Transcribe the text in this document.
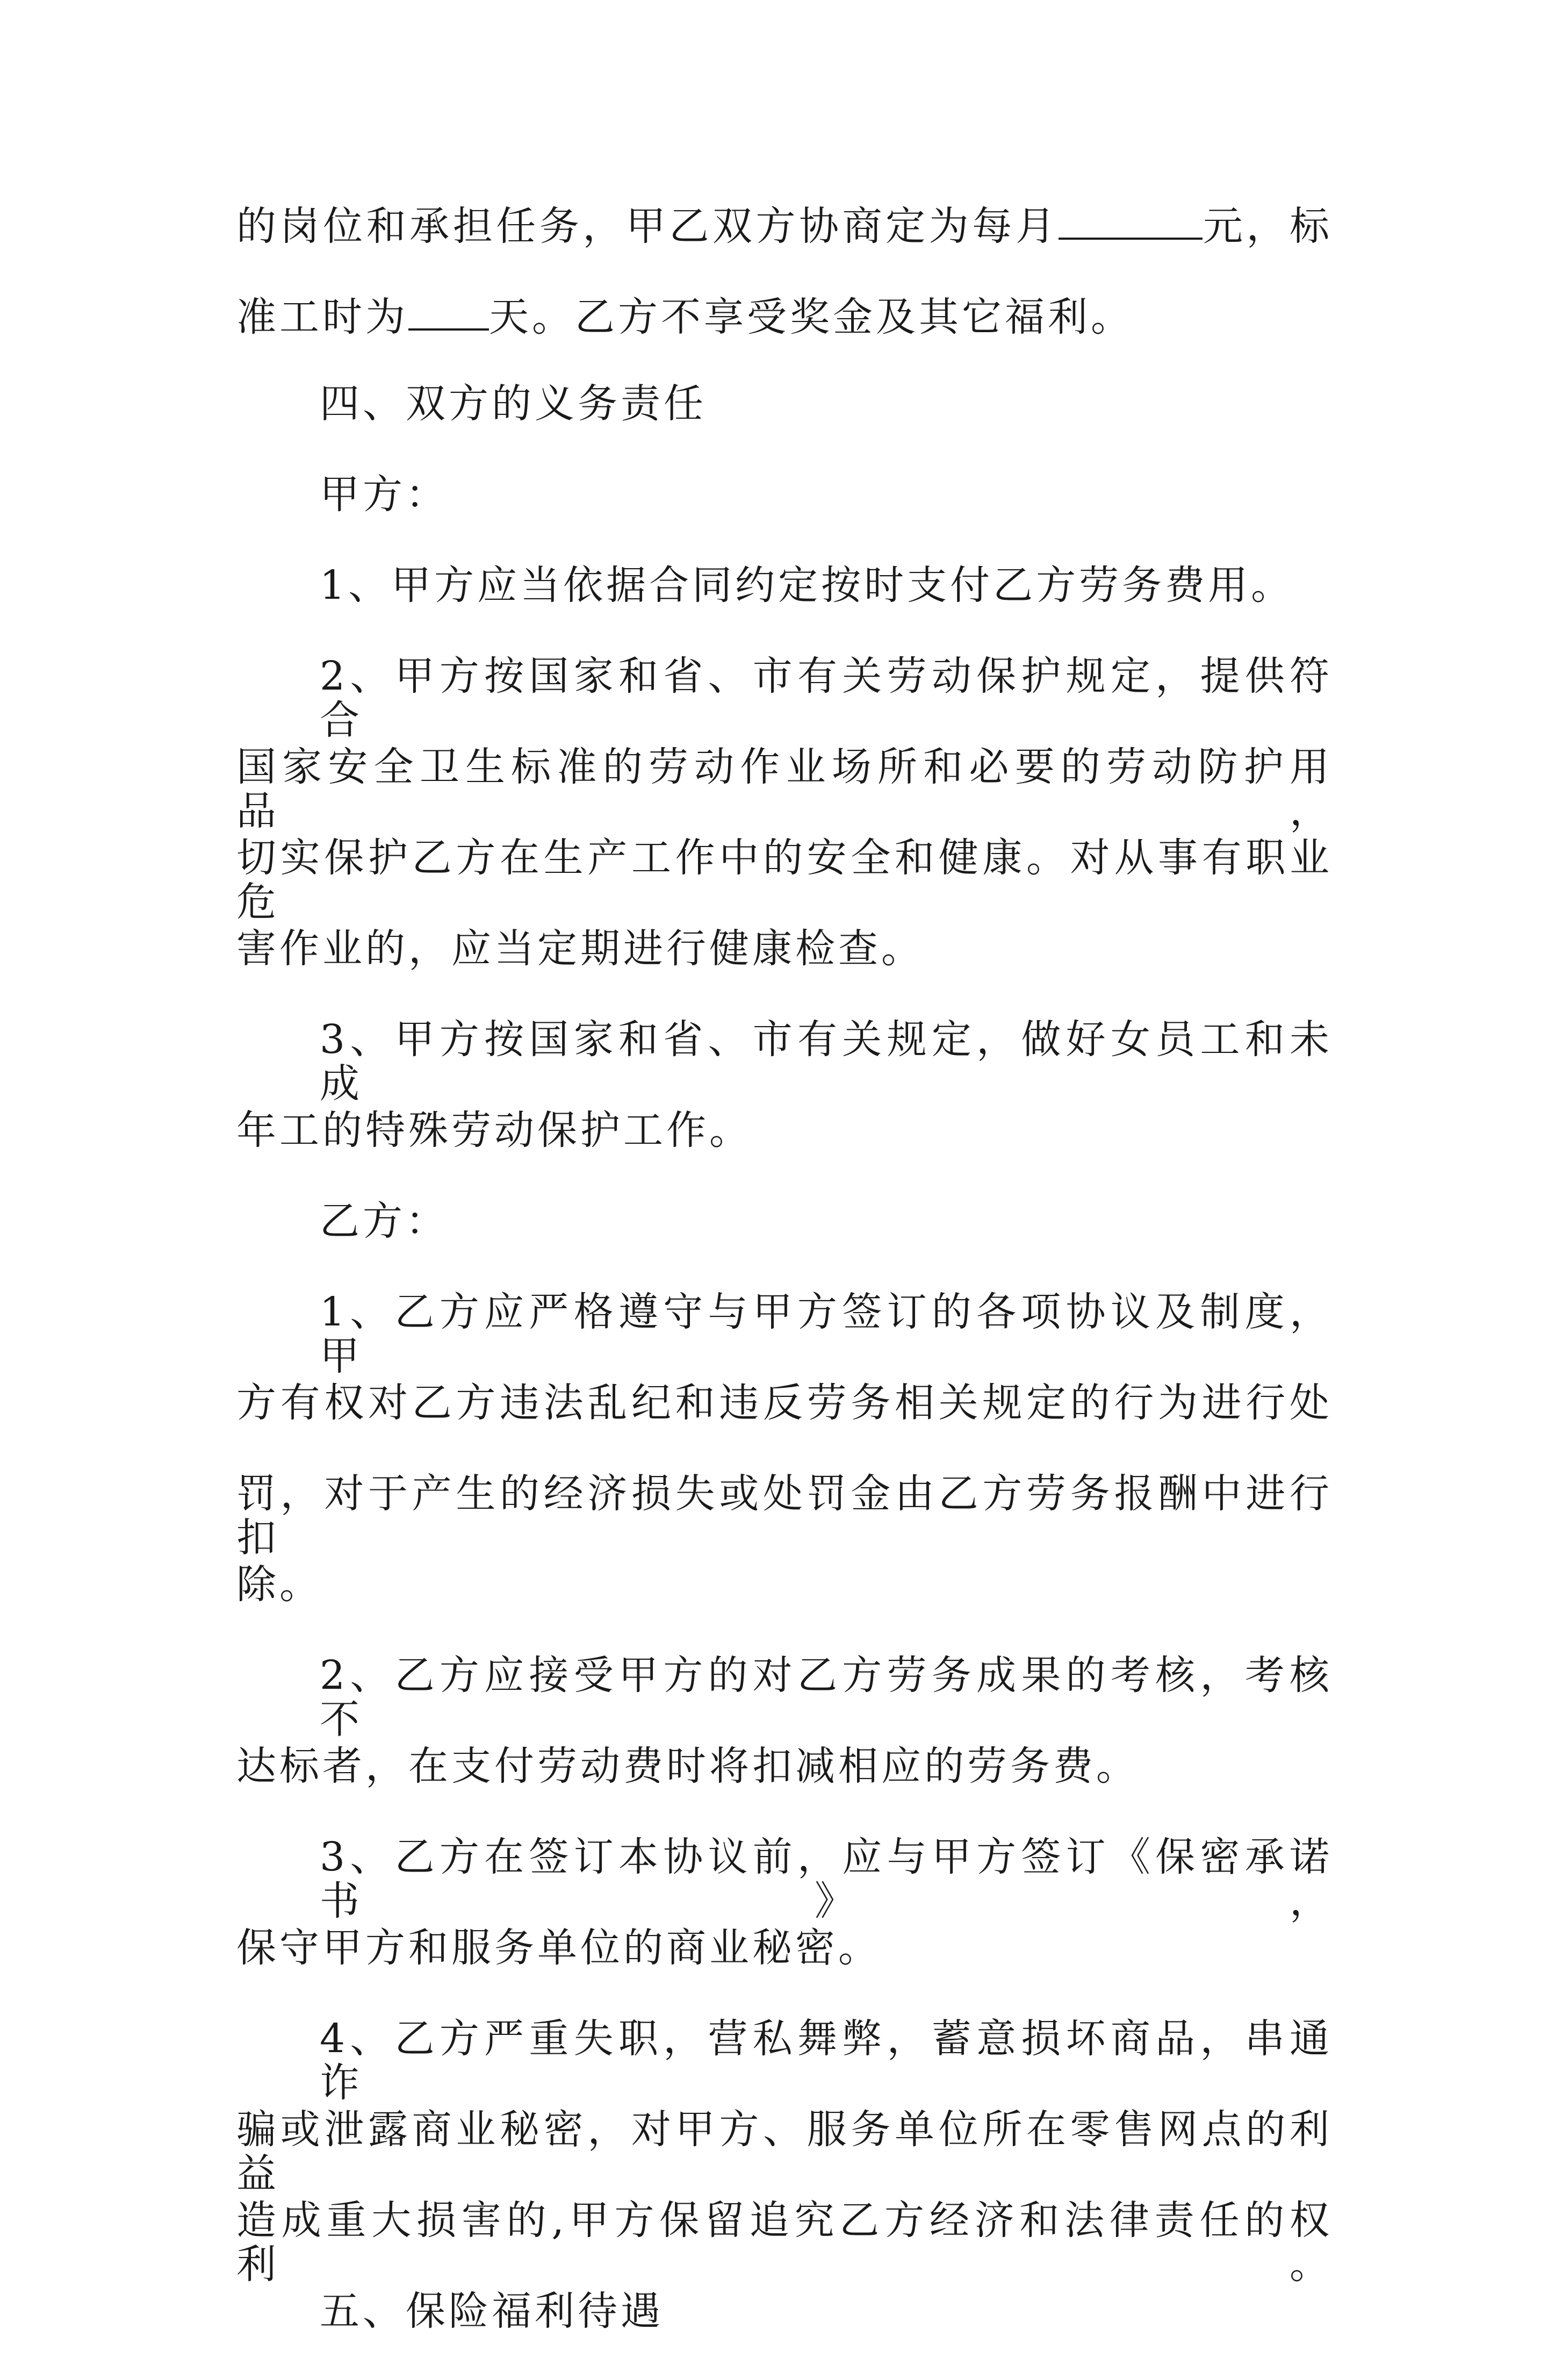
的岗位和承担任务，甲乙双方协商定为每月	元，标
准工时为 天。乙方不享受奖金及其它福利。
四、双方的义务责任
甲方：
1、甲方应当依据合同约定按时支付乙方劳务费用。
2、甲方按国家和省、市有关劳动保护规定，提供符合
国家安全卫生标准的劳动作业场所和必要的劳动防护用品，
切实保护乙方在生产工作中的安全和健康。对从事有职业危
害作业的，应当定期进行健康检查。
3、甲方按国家和省、市有关规定，做好女员工和未成
年工的特殊劳动保护工作。
乙方：
1、乙方应严格遵守与甲方签订的各项协议及制度，甲
方有权对乙方违法乱纪和违反劳务相关规定的行为进行处
罚，对于产生的经济损失或处罚金由乙方劳务报酬中进行扣
除。
2、乙方应接受甲方的对乙方劳务成果的考核，考核不
达标者，在支付劳动费时将扣减相应的劳务费。
3、乙方在签订本协议前，应与甲方签订《保密承诺书》，
保守甲方和服务单位的商业秘密。
4、乙方严重失职，营私舞弊，蓄意损坏商品，串通诈
骗或泄露商业秘密，对甲方、服务单位所在零售网点的利益
造成重大损害的,甲方保留追究乙方经济和法律责任的权利。
五、保险福利待遇
